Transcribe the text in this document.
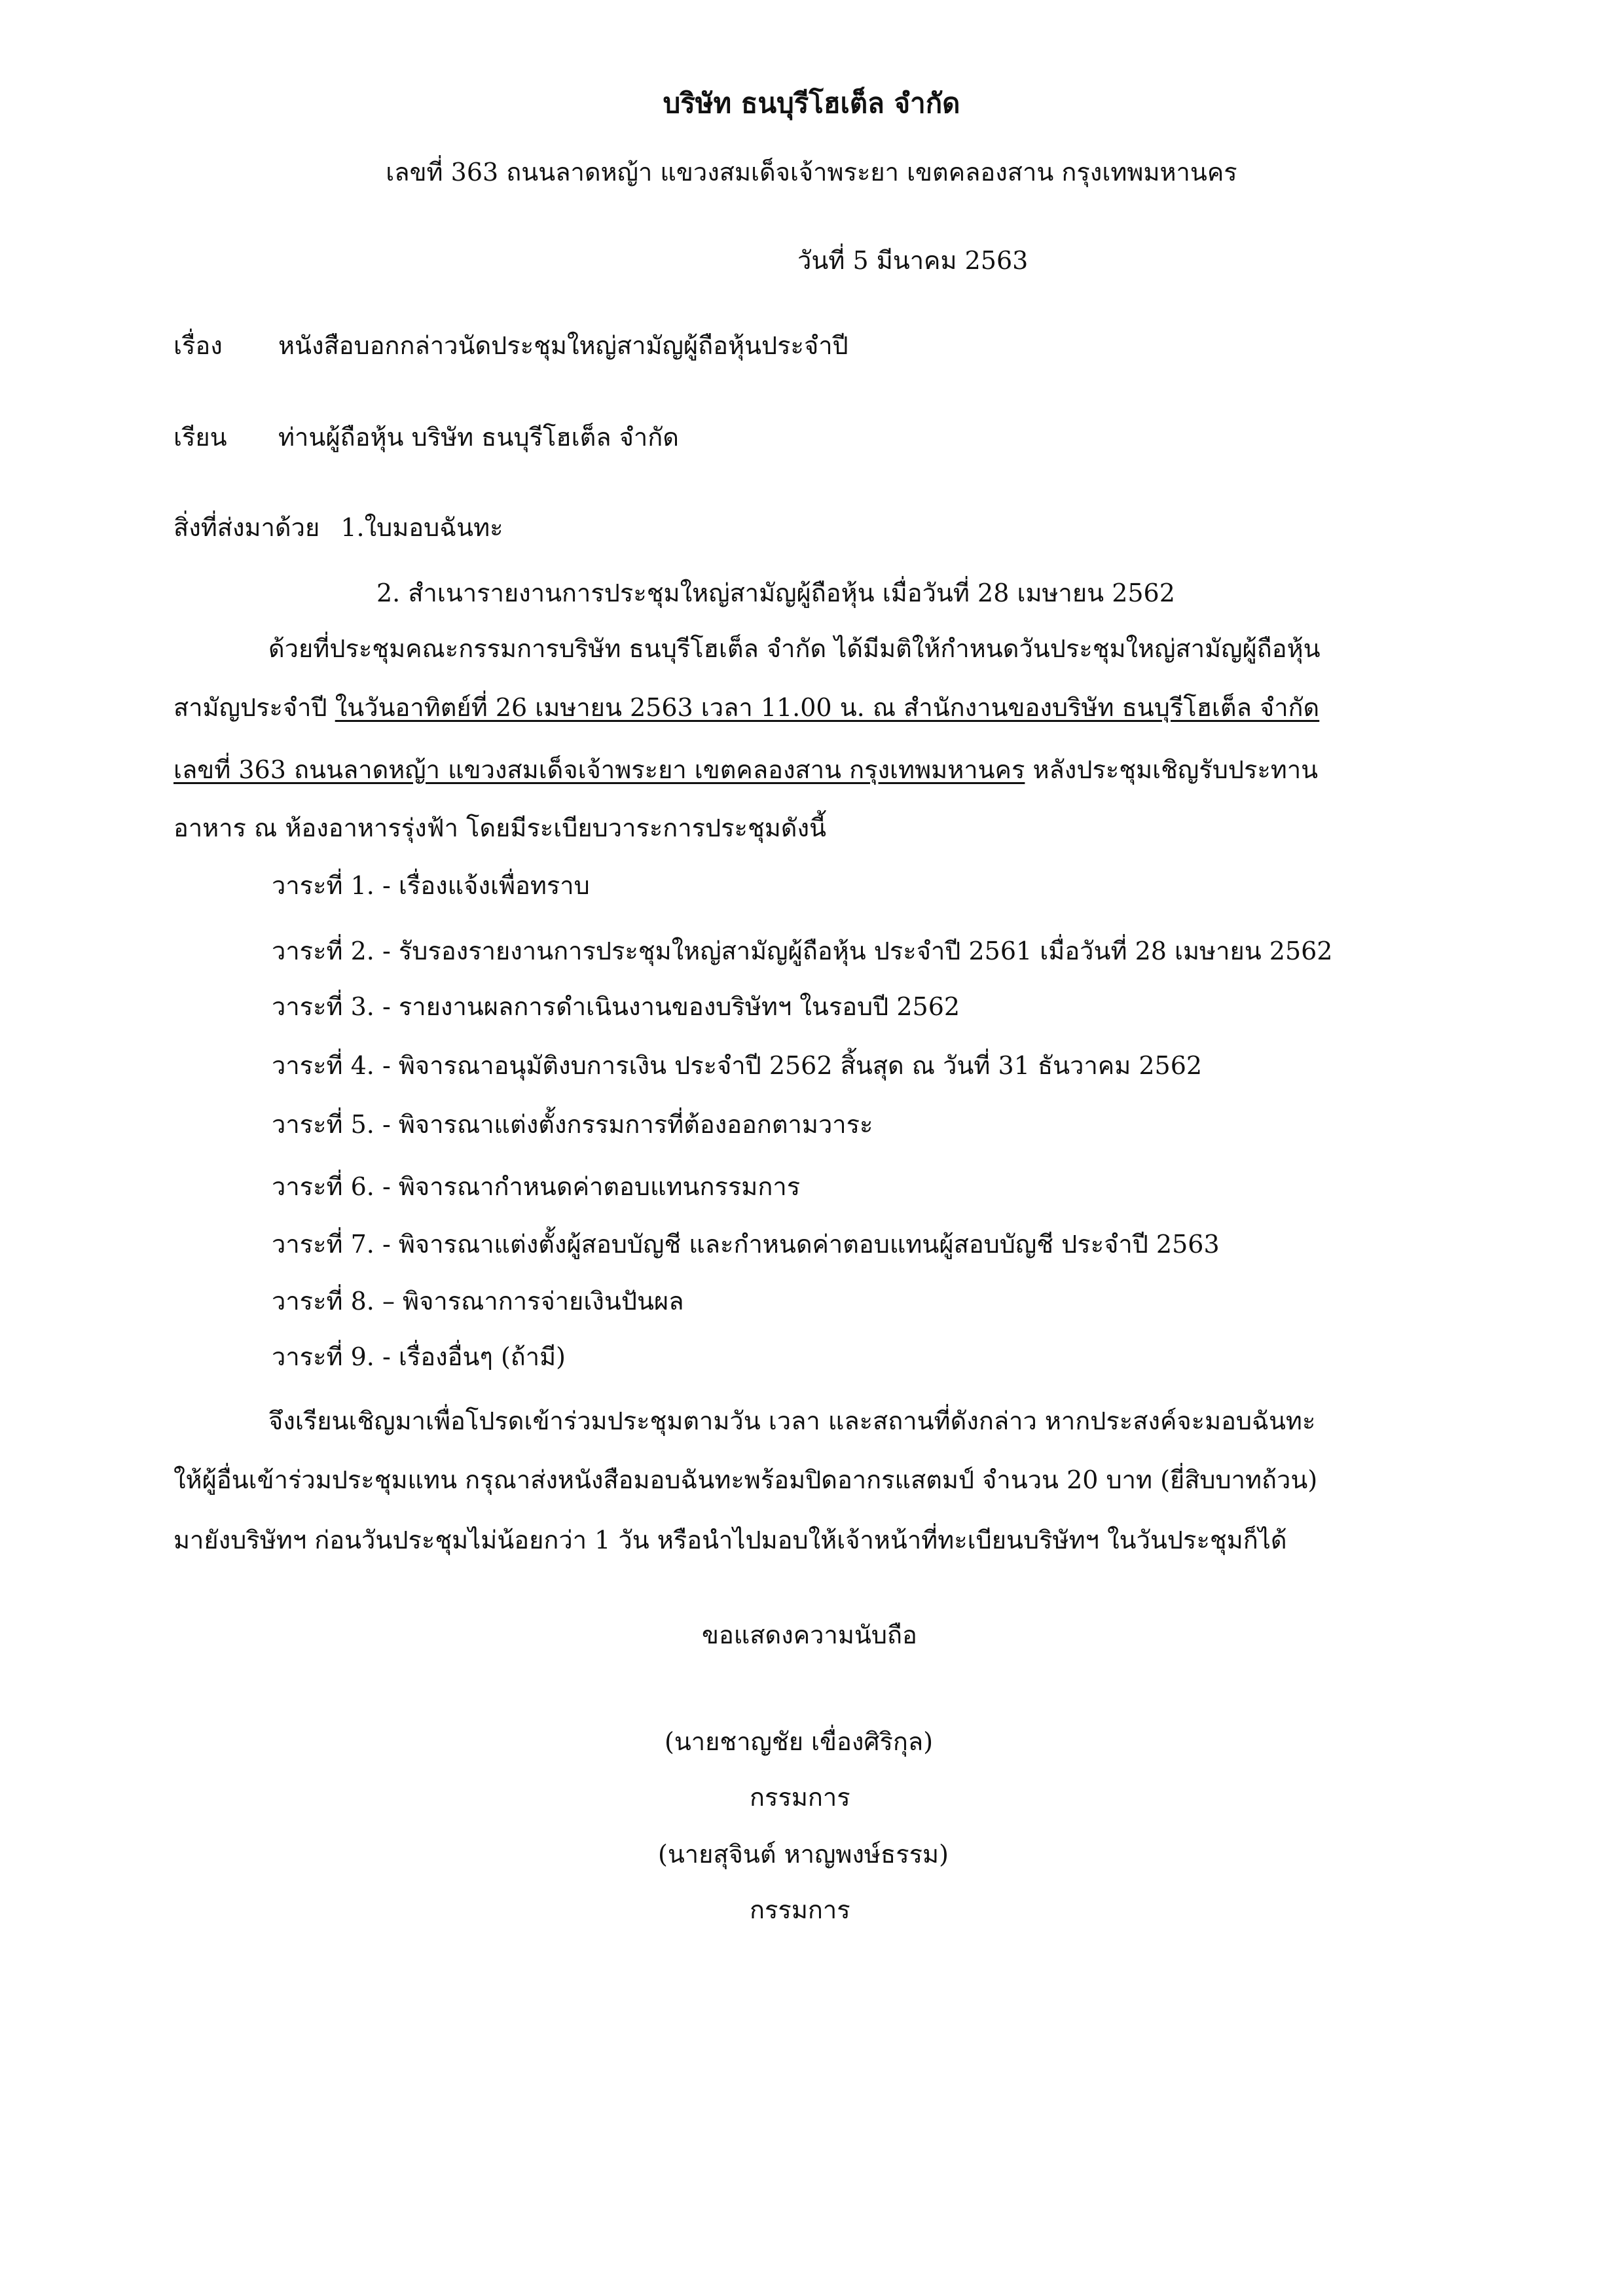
บริษัท ธนบุรีโฮเต็ล จำกัด
เลขที่ 363 ถนนลาดหญ้า แขวงสมเด็จเจ้าพระยา เขตคลองสาน กรุงเทพมหานคร
วันที่ 5 มีนาคม 2563
เรื่อง หนังสือบอกกล่าวนัดประชุมใหญ่สามัญผู้ถือหุ้นประจำปี
เรียน ท่านผู้ถือหุ้น บริษัท ธนบุรีโฮเต็ล จำกัด
สิ่งที่ส่งมาด้วย 1.ใบมอบฉันทะ
2. สำเนารายงานการประชุมใหญ่สามัญผู้ถือหุ้น เมื่อวันที่ 28 เมษายน 2562
ด้วยที่ประชุมคณะกรรมการบริษัท ธนบุรีโฮเต็ล จำกัด ได้มีมติให้กำหนดวันประชุมใหญ่สามัญผู้ถือหุ้น
สามัญประจำปี ในวันอาทิตย์ที่ 26 เมษายน 2563 เวลา 11.00 น. ณ สำนักงานของบริษัท ธนบุรีโฮเต็ล จำกัด
เลขที่ 363 ถนนลาดหญ้า แขวงสมเด็จเจ้าพระยา เขตคลองสาน กรุงเทพมหานคร หลังประชุมเชิญรับประทาน
อาหาร ณ ห้องอาหารรุ่งฟ้า โดยมีระเบียบวาระการประชุมดังนี้
วาระที่ 1. - เรื่องแจ้งเพื่อทราบ
วาระที่ 2. - รับรองรายงานการประชุมใหญ่สามัญผู้ถือหุ้น ประจำปี 2561 เมื่อวันที่ 28 เมษายน 2562
วาระที่ 3. - รายงานผลการดำเนินงานของบริษัทฯ ในรอบปี 2562
วาระที่ 4. - พิจารณาอนุมัติงบการเงิน ประจำปี 2562 สิ้นสุด ณ วันที่ 31 ธันวาคม 2562
วาระที่ 5. - พิจารณาแต่งตั้งกรรมการที่ต้องออกตามวาระ
วาระที่ 6. - พิจารณากำหนดค่าตอบแทนกรรมการ
วาระที่ 7. - พิจารณาแต่งตั้งผู้สอบบัญชี และกำหนดค่าตอบแทนผู้สอบบัญชี ประจำปี 2563
วาระที่ 8. – พิจารณาการจ่ายเงินปันผล
วาระที่ 9. - เรื่องอื่นๆ (ถ้ามี)
จึงเรียนเชิญมาเพื่อโปรดเข้าร่วมประชุมตามวัน เวลา และสถานที่ดังกล่าว หากประสงค์จะมอบฉันทะ
ให้ผู้อื่นเข้าร่วมประชุมแทน กรุณาส่งหนังสือมอบฉันทะพร้อมปิดอากรแสตมป์ จำนวน 20 บาท (ยี่สิบบาทถ้วน)
มายังบริษัทฯ ก่อนวันประชุมไม่น้อยกว่า 1 วัน หรือนำไปมอบให้เจ้าหน้าที่ทะเบียนบริษัทฯ ในวันประชุมก็ได้
ขอแสดงความนับถือ
(นายชาญชัย เขื่องศิริกุล)
กรรมการ
(นายสุจินต์ หาญพงษ์ธรรม)
กรรมการ
